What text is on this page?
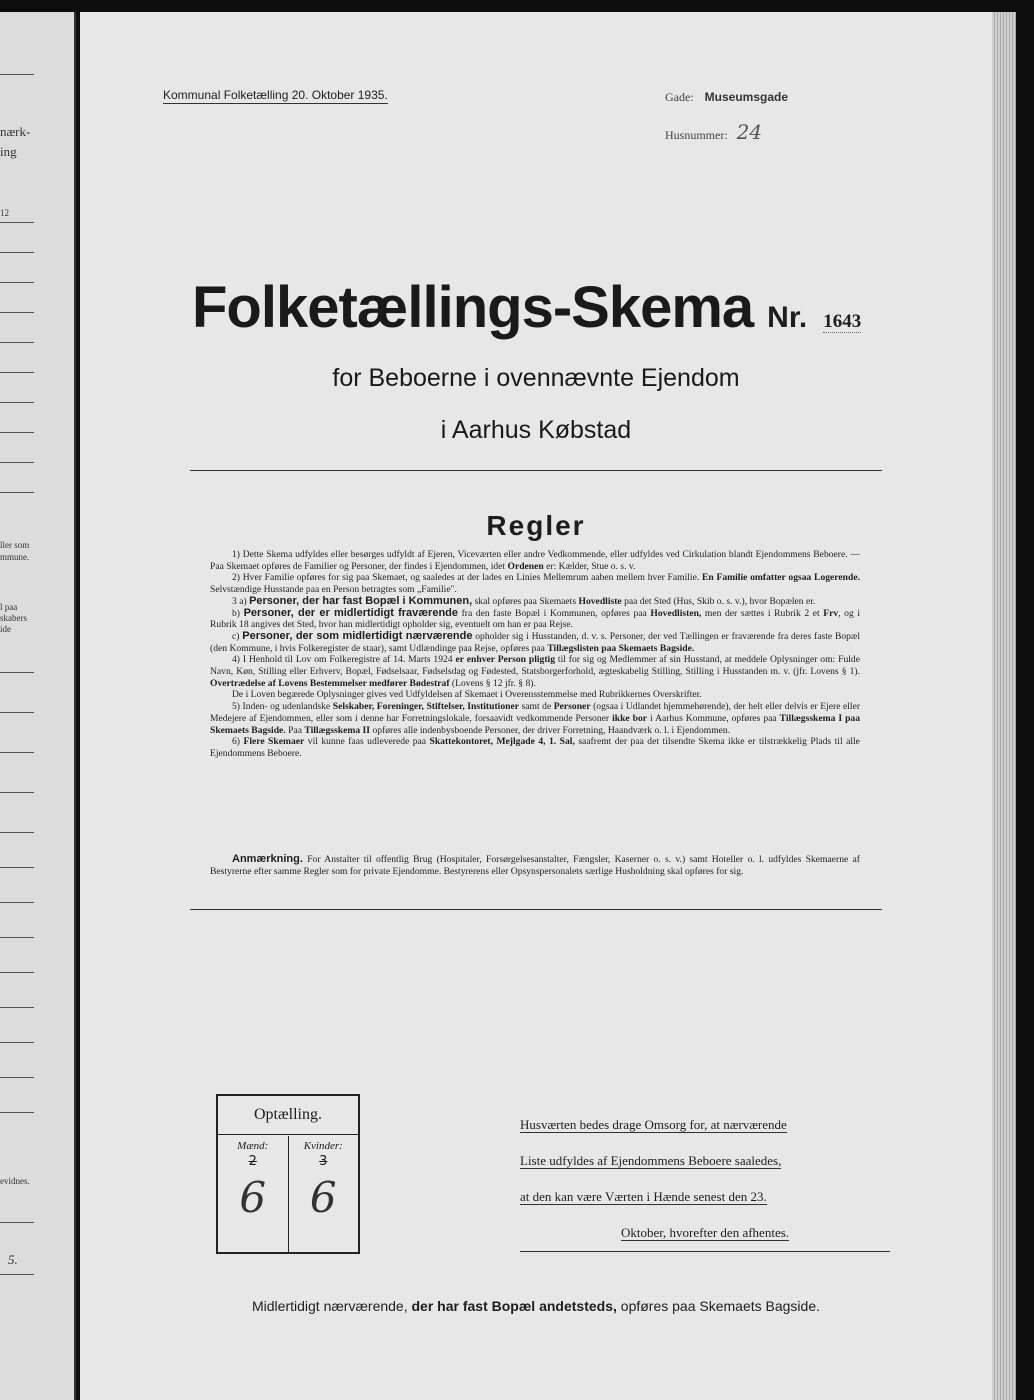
nærk-
ing
12
ller som
mmune.
l paa
skabers
ide
evidnes.
5.
Kommunal Folketælling 20. Oktober 1935.	Gade: Museumsgade
Husnummer: 24
Folketællings-Skema Nr. 1643
for Beboerne i ovennævnte Ejendom
i Aarhus Købstad
Regler

1) Dette Skema udfyldes eller besørges udfyldt af Ejeren, Viceværten eller andre Vedkommende, eller udfyldes ved Cirkulation blandt Ejendommens Beboere. — Paa Skemaet opføres de Familier og Personer, der findes i Ejendommen, idet Ordenen er: Kælder, Stue o. s. v.

2) Hver Familie opføres for sig paa Skemaet, og saaledes at der lades en Linies Mellemrum aaben mellem hver Familie. En Familie omfatter ogsaa Logerende. Selvstændige Husstande paa en Person betragtes som „Familie".

3 a) Personer, der har fast Bopæl i Kommunen, skal opføres paa Skemaets Hovedliste paa det Sted (Hus, Skib o. s. v.), hvor Bopælen er.

b) Personer, der er midlertidigt fraværende fra den faste Bopæl i Kommunen, opføres paa Hovedlisten, men der sættes i Rubrik 2 et Frv, og i Rubrik 18 angives det Sted, hvor han midlertidigt opholder sig, eventuelt om han er paa Rejse.

c) Personer, der som midlertidigt nærværende opholder sig i Husstanden, d. v. s. Personer, der ved Tællingen er fraværende fra deres faste Bopæl (den Kommune, i hvis Folkeregister de staar), samt Udlændinge paa Rejse, opføres paa Tillægslisten paa Skemaets Bagside.

4) I Henhold til Lov om Folkeregistre af 14. Marts 1924 er enhver Person pligtig til for sig og Medlemmer af sin Husstand, at meddele Oplysninger om: Fulde Navn, Køn, Stilling eller Erhverv, Bopæl, Fødselsaar, Fødselsdag og Fødested, Statsborgerforhold, ægteskabelig Stilling, Stilling i Husstanden m. v. (jfr. Lovens § 1). Overtrædelse af Lovens Bestemmelser medfører Bødestraf (Lovens § 12 jfr. § 8).

De i Loven begærede Oplysninger gives ved Udfyldelsen af Skemaet i Overensstemmelse med Rubrikkernes Overskrifter.

5) Inden- og udenlandske Selskaber, Foreninger, Stiftelser, Institutioner samt de Personer (ogsaa i Udlandet hjemmehørende), der helt eller delvis er Ejere eller Medejere af Ejendommen, eller som i denne har Forretningslokale, forsaavidt vedkommende Personer ikke bor i Aarhus Kommune, opføres paa Tillægsskema I paa Skemaets Bagside. Paa Tillægsskema II opføres alle indenbysboende Personer, der driver Forretning, Haandværk o. l. i Ejendommen.

6) Flere Skemaer vil kunne faas udleverede paa Skattekontoret, Mejlgade 4, 1. Sal, saafremt der paa det tilsendte Skema ikke er tilstrækkelig Plads til alle Ejendommens Beboere.

Anmærkning. For Anstalter til offentlig Brug (Hospitaler, Forsørgelsesanstalter, Fængsler, Kaserner o. s. v.) samt Hoteller o. l. udfyldes Skemaerne af Bestyrerne efter samme Regler som for private Ejendomme. Bestyrerens eller Opsynspersonalets særlige Husholdning skal opføres for sig.
Optælling.
Mænd:
2
6
Kvinder:
3
6
Husværten bedes drage Omsorg for, at nærværende
Liste udfyldes af Ejendommens Beboere saaledes,
at den kan være Værten i Hænde senest den 23.

Oktober, hvorefter den afhentes.
Midlertidigt nærværende, der har fast Bopæl andetsteds, opføres paa Skemaets Bagside.
